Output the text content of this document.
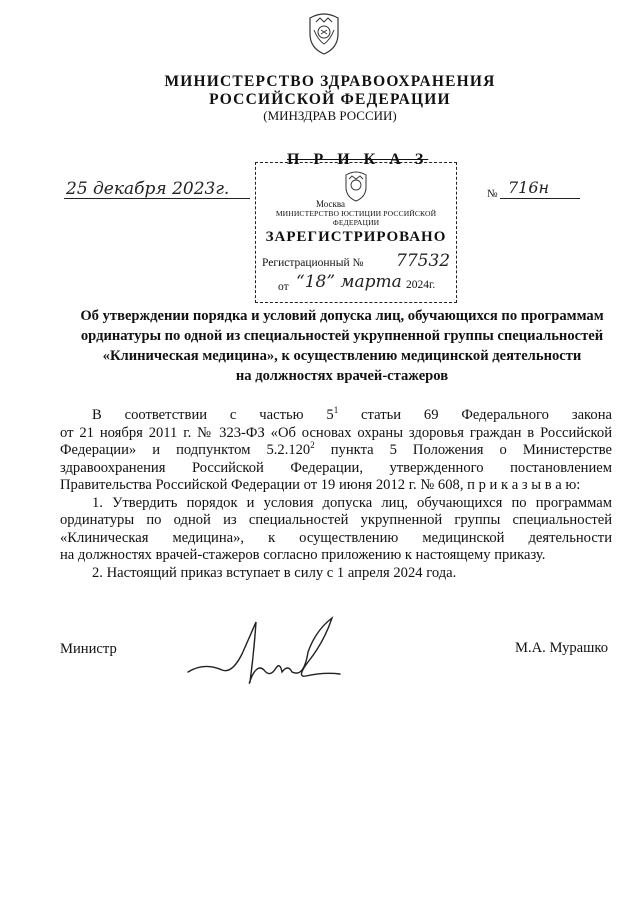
МИНИСТЕРСТВО ЗДРАВООХРАНЕНИЯ
РОССИЙСКОЙ ФЕДЕРАЦИИ
(МИНЗДРАВ РОССИИ)
П Р И К А З
Москва
МИНИСТЕРСТВО ЮСТИЦИИ РОССИЙСКОЙ ФЕДЕРАЦИИ
ЗАРЕГИСТРИРОВАНО
Регистрационный № 77532
от “18” марта 2024г.
25 декабря 2023г.	№ 716н
Об утверждении порядка и условий допуска лиц, обучающихся по программам
ординатуры по одной из специальностей укрупненной группы специальностей
«Клиническая медицина», к осуществлению медицинской деятельности
на должностях врачей-стажеров
В соответствии с частью $5^1$ статьи 69 Федерального закона
от 21 ноября 2011 г. № 323-ФЗ «Об основах охраны здоровья граждан в Российской
Федерации» и подпунктом 5.2.120$^2$ пункта 5 Положения о Министерстве
здравоохранения Российской Федерации, утвержденного постановлением
Правительства Российской Федерации от 19 июня 2012 г. № 608, п р и к а з ы в а ю:
1. Утвердить порядок и условия допуска лиц, обучающихся по программам
ординатуры по одной из специальностей укрупненной группы специальностей
«Клиническая медицина», к осуществлению медицинской деятельности
на должностях врачей-стажеров согласно приложению к настоящему приказу.
2. Настоящий приказ вступает в силу с 1 апреля 2024 года.
Министр	М.А. Мурашко
